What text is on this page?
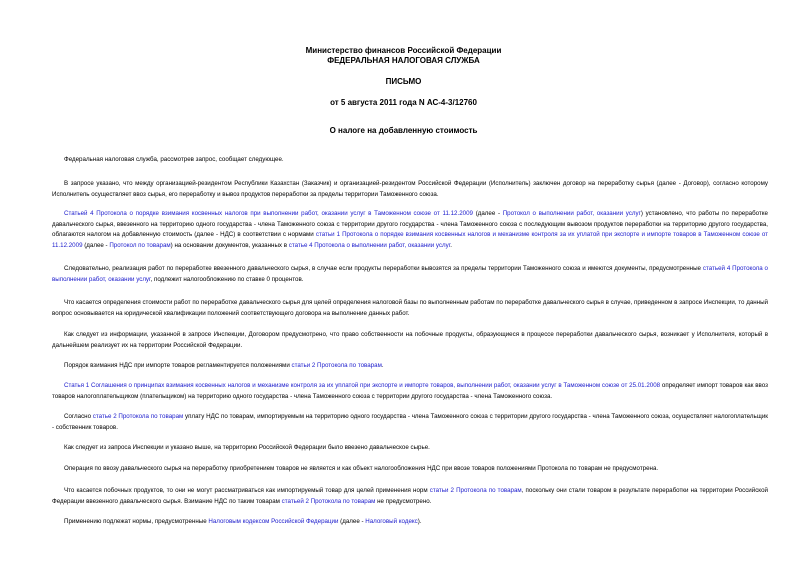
Министерство финансов Российской Федерации
ФЕДЕРАЛЬНАЯ НАЛОГОВАЯ СЛУЖБА
ПИСЬМО
от 5 августа 2011 года N АС-4-3/12760
О налоге на добавленную стоимость
Федеральная налоговая служба, рассмотрев запрос, сообщает следующее.
В запросе указано, что между организацией-резидентом Республики Казахстан (Заказчик) и организацией-резидентом Российской Федерации (Исполнитель) заключен договор на переработку сырья (далее - Договор), согласно которому Исполнитель осуществляет ввоз сырья, его переработку и вывоз продуктов переработки за пределы территории Таможенного союза.
Статьей 4 Протокола о порядке взимания косвенных налогов при выполнении работ, оказании услуг в Таможенном союзе от 11.12.2009 (далее - Протокол о выполнении работ, оказании услуг) установлено, что работы по переработке давальческого сырья, ввезенного на территорию одного государства - члена Таможенного союза с территории другого государства - члена Таможенного союза с последующим вывозом продуктов переработки на территорию другого государства, облагаются налогом на добавленную стоимость (далее - НДС) в соответствии с нормами статьи 1 Протокола о порядке взимания косвенных налогов и механизме контроля за их уплатой при экспорте и импорте товаров в Таможенном союзе от 11.12.2009 (далее - Протокол по товарам) на основании документов, указанных в статье 4 Протокола о выполнении работ, оказании услуг.
Следовательно, реализация работ по переработке ввезенного давальческого сырья, в случае если продукты переработки вывозятся за пределы территории Таможенного союза и имеются документы, предусмотренные статьей 4 Протокола о выполнении работ, оказании услуг, подлежит налогообложению по ставке 0 процентов.
Что касается определения стоимости работ по переработке давальческого сырья для целей определения налоговой базы по выполненным работам по переработке давальческого сырья в случае, приведенном в запросе Инспекции, то данный вопрос основывается на юридической квалификации положений соответствующего договора на выполнение данных работ.
Как следует из информации, указанной в запросе Инспекции, Договором предусмотрено, что право собственности на побочные продукты, образующиеся в процессе переработки давальческого сырья, возникает у Исполнителя, который в дальнейшем реализует их на территории Российской Федерации.
Порядок взимания НДС при импорте товаров регламентируется положениями статьи 2 Протокола по товарам.
Статья 1 Соглашения о принципах взимания косвенных налогов и механизме контроля за их уплатой при экспорте и импорте товаров, выполнении работ, оказании услуг в Таможенном союзе от 25.01.2008 определяет импорт товаров как ввоз товаров налогоплательщиком (плательщиком) на территорию одного государства - члена Таможенного союза с территории другого государства - члена Таможенного союза.
Согласно статье 2 Протокола по товарам уплату НДС по товарам, импортируемым на территорию одного государства - члена Таможенного союза с территории другого государства - члена Таможенного союза, осуществляет налогоплательщик - собственник товаров.
Как следует из запроса Инспекции и указано выше, на территорию Российской Федерации было ввезено давальческое сырье.
Операция по ввозу давальческого сырья на переработку приобретением товаров не является и как объект налогообложения НДС при ввозе товаров положениями Протокола по товарам не предусмотрена.
Что касается побочных продуктов, то они не могут рассматриваться как импортируемый товар для целей применения норм статьи 2 Протокола по товарам, поскольку они стали товаром в результате переработки на территории Российской Федерации ввезенного давальческого сырья. Взимание НДС по таким товарам статьей 2 Протокола по товарам не предусмотрено.
Применению подлежат нормы, предусмотренные Налоговым кодексом Российской Федерации (далее - Налоговый кодекс).
